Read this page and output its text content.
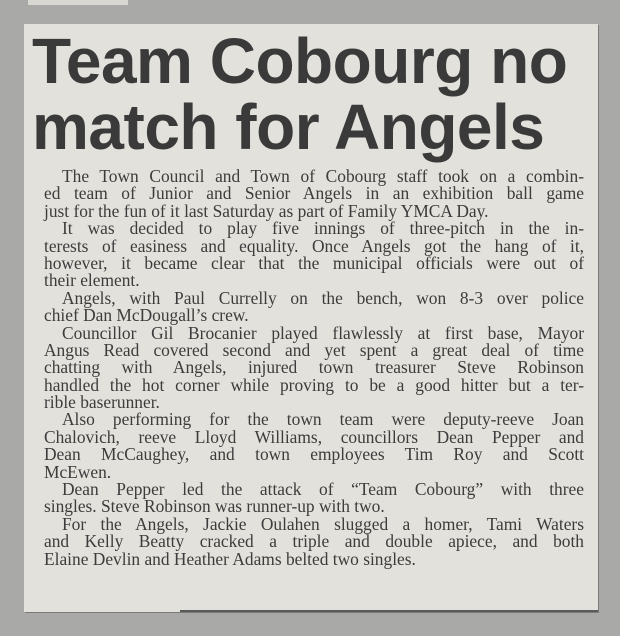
Team Cobourg no
match for Angels
The Town Council and Town of Cobourg staff took on a combin-
ed team of Junior and Senior Angels in an exhibition ball game
just for the fun of it last Saturday as part of Family YMCA Day.
It was decided to play five innings of three-pitch in the in-
terests of easiness and equality. Once Angels got the hang of it,
however, it became clear that the municipal officials were out of
their element.
Angels, with Paul Currelly on the bench, won 8-3 over police
chief Dan McDougall’s crew.
Councillor Gil Brocanier played flawlessly at first base, Mayor
Angus Read covered second and yet spent a great deal of time
chatting with Angels, injured town treasurer Steve Robinson
handled the hot corner while proving to be a good hitter but a ter-
rible baserunner.
Also performing for the town team were deputy-reeve Joan
Chalovich, reeve Lloyd Williams, councillors Dean Pepper and
Dean McCaughey, and town employees Tim Roy and Scott
McEwen.
Dean Pepper led the attack of “Team Cobourg” with three
singles. Steve Robinson was runner-up with two.
For the Angels, Jackie Oulahen slugged a homer, Tami Waters
and Kelly Beatty cracked a triple and double apiece, and both
Elaine Devlin and Heather Adams belted two singles.
